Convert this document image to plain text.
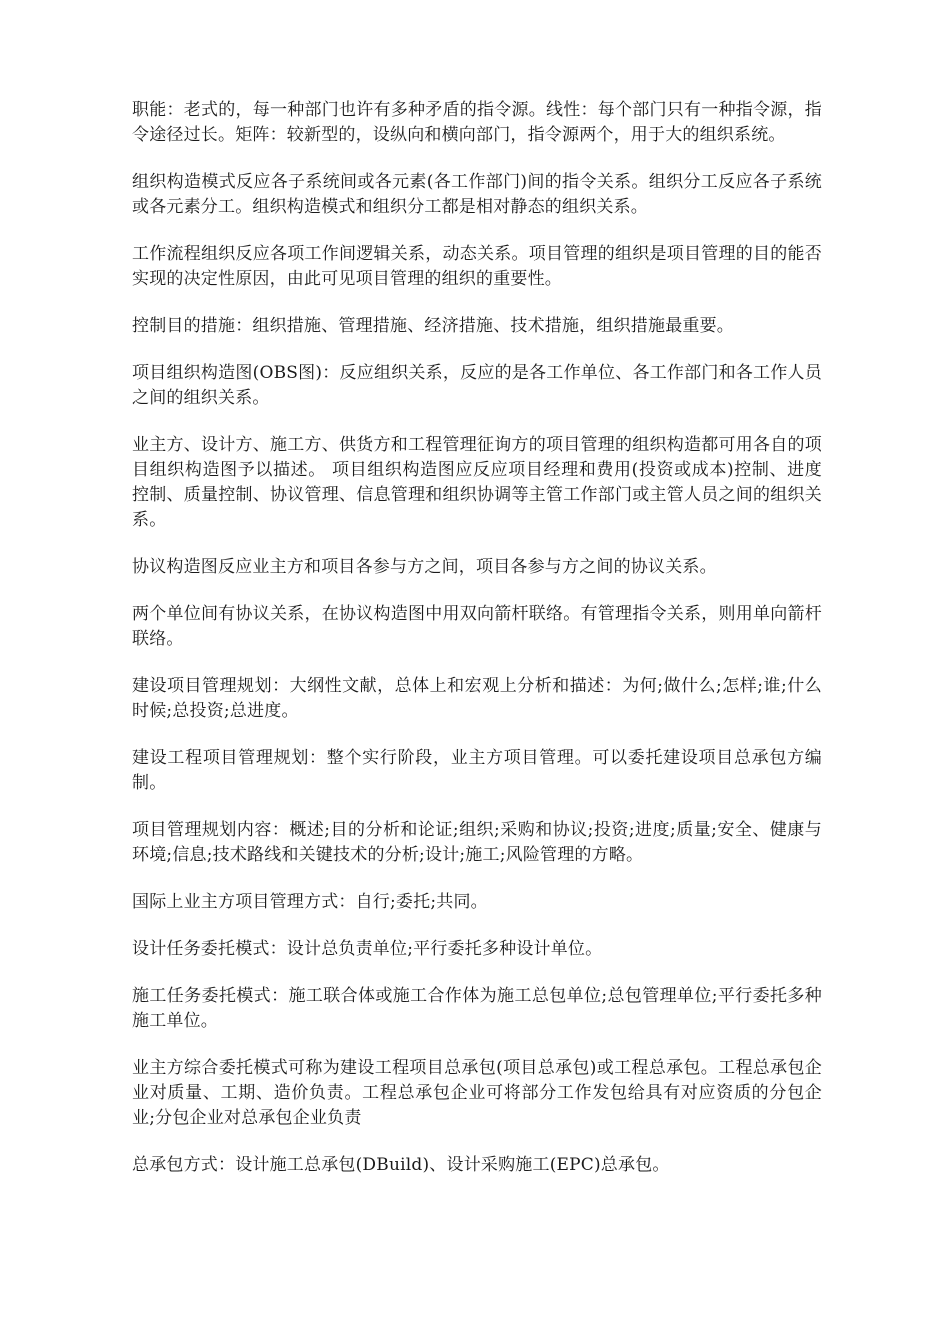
职能：老式的，每一种部门也许有多种矛盾的指令源。线性：每个部门只有一种指令源，指令途径过长。矩阵：较新型的，设纵向和横向部门，指令源两个，用于大的组织系统。

组织构造模式反应各子系统间或各元素(各工作部门)间的指令关系。组织分工反应各子系统或各元素分工。组织构造模式和组织分工都是相对静态的组织关系。

工作流程组织反应各项工作间逻辑关系，动态关系。项目管理的组织是项目管理的目的能否实现的决定性原因，由此可见项目管理的组织的重要性。

控制目的措施：组织措施、管理措施、经济措施、技术措施，组织措施最重要。

项目组织构造图(OBS图)：反应组织关系，反应的是各工作单位、各工作部门和各工作人员之间的组织关系。

业主方、设计方、施工方、供货方和工程管理征询方的项目管理的组织构造都可用各自的项目组织构造图予以描述。 项目组织构造图应反应项目经理和费用(投资或成本)控制、进度控制、质量控制、协议管理、信息管理和组织协调等主管工作部门或主管人员之间的组织关系。

协议构造图反应业主方和项目各参与方之间，项目各参与方之间的协议关系。

两个单位间有协议关系，在协议构造图中用双向箭杆联络。有管理指令关系，则用单向箭杆联络。

建设项目管理规划：大纲性文献，总体上和宏观上分析和描述：为何;做什么;怎样;谁;什么时候;总投资;总进度。

建设工程项目管理规划：整个实行阶段，业主方项目管理。可以委托建设项目总承包方编制。

项目管理规划内容：概述;目的分析和论证;组织;采购和协议;投资;进度;质量;安全、健康与环境;信息;技术路线和关键技术的分析;设计;施工;风险管理的方略。

国际上业主方项目管理方式：自行;委托;共同。

设计任务委托模式：设计总负责单位;平行委托多种设计单位。

施工任务委托模式：施工联合体或施工合作体为施工总包单位;总包管理单位;平行委托多种施工单位。

业主方综合委托模式可称为建设工程项目总承包(项目总承包)或工程总承包。工程总承包企业对质量、工期、造价负责。工程总承包企业可将部分工作发包给具有对应资质的分包企业;分包企业对总承包企业负责

总承包方式：设计施工总承包(DBuild)、设计采购施工(EPC)总承包。
